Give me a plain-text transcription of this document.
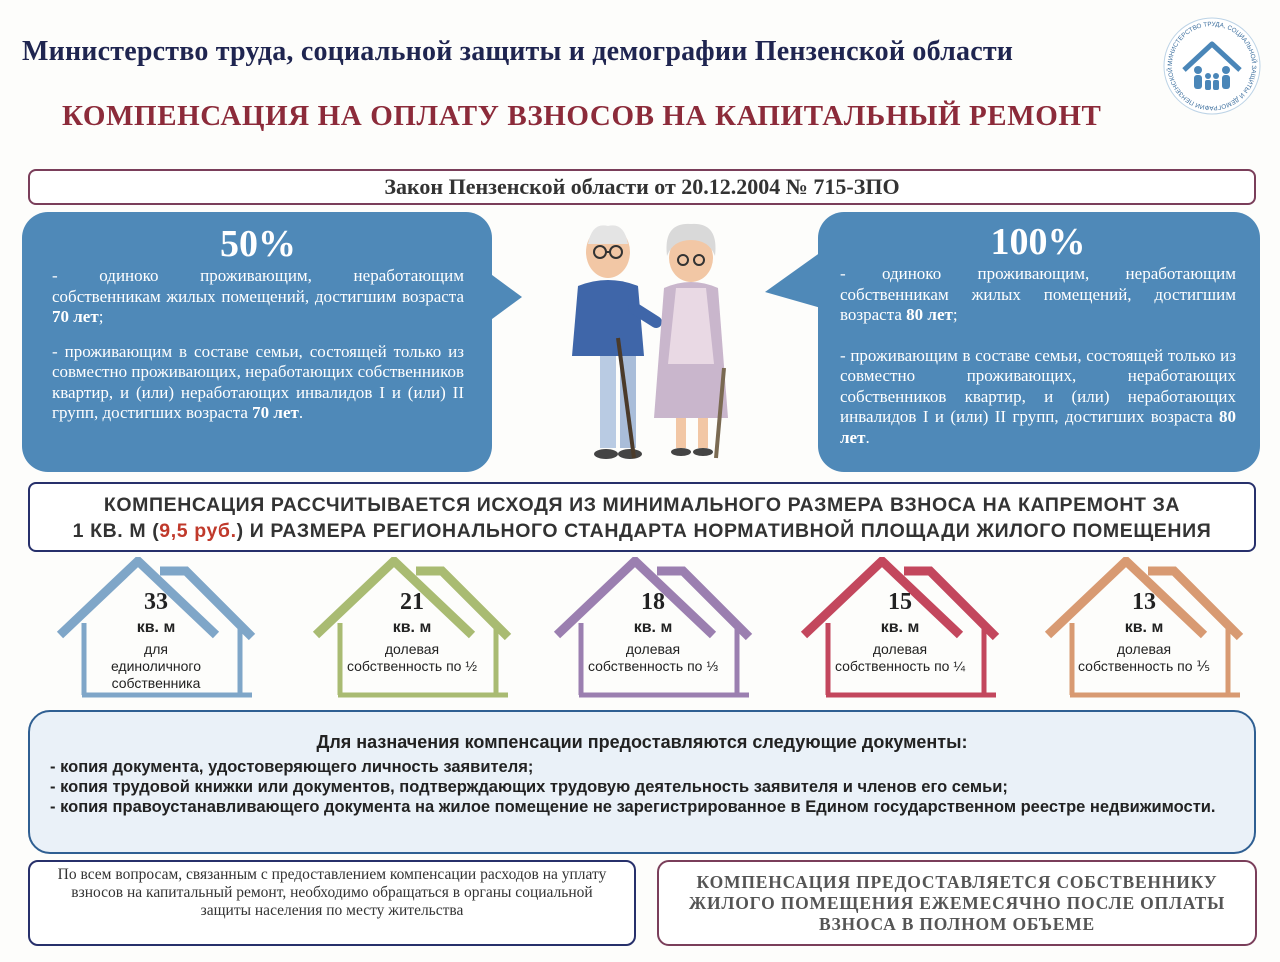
Министерство труда, социальной защиты и демографии Пензенской области
КОМПЕНСАЦИЯ НА ОПЛАТУ ВЗНОСОВ НА КАПИТАЛЬНЫЙ РЕМОНТ
МИНИСТЕРСТВО ТРУДА, СОЦИАЛЬНОЙ ЗАЩИТЫ И ДЕМОГРАФИИ ПЕНЗЕНСКОЙ
Закон Пензенской области от 20.12.2004 № 715-ЗПО
50%

- одиноко проживающим, неработающим собственникам жилых помещений, достигшим возраста 70 лет;

- проживающим в составе семьи, состоящей только из совместно проживающих, неработающих собственников квартир, и (или) неработающих инвалидов I и (или) II групп, достигших возраста 70 лет.

100%

- одиноко проживающим, неработающим собственникам жилых помещений, достигшим возраста 80 лет;

- проживающим в составе семьи, состоящей только из совместно проживающих, неработающих собственников квартир, и (или) неработающих инвалидов I и (или) II групп, достигших возраста 80 лет.

КОМПЕНСАЦИЯ РАССЧИТЫВАЕТСЯ ИСХОДЯ ИЗ МИНИМАЛЬНОГО РАЗМЕРА ВЗНОСА НА КАПРЕМОНТ ЗА
1 КВ. М (9,5 руб.) И РАЗМЕРА РЕГИОНАЛЬНОГО СТАНДАРТА НОРМАТИВНОЙ ПЛОЩАДИ ЖИЛОГО ПОМЕЩЕНИЯ
33
кв. м
для
единоличного
собственника
21
кв. м
долевая
собственность по ½
18
кв. м
долевая
собственность по ⅓
15
кв. м
долевая
собственность по ¼
13
кв. м
долевая
собственность по ⅕
Для назначения компенсации предоставляются следующие документы:
- копия документа, удостоверяющего личность заявителя;
- копия трудовой книжки или документов, подтверждающих трудовую деятельность заявителя и членов его семьи;
- копия правоустанавливающего документа на жилое помещение не зарегистрированное в Едином государственном реестре недвижимости.
По всем вопросам, связанным с предоставлением компенсации расходов на уплату взносов на капитальный ремонт, необходимо обращаться в органы социальной защиты населения по месту жительства
КОМПЕНСАЦИЯ ПРЕДОСТАВЛЯЕТСЯ СОБСТВЕННИКУ ЖИЛОГО ПОМЕЩЕНИЯ ЕЖЕМЕСЯЧНО ПОСЛЕ ОПЛАТЫ ВЗНОСА В ПОЛНОМ ОБЪЕМЕ
